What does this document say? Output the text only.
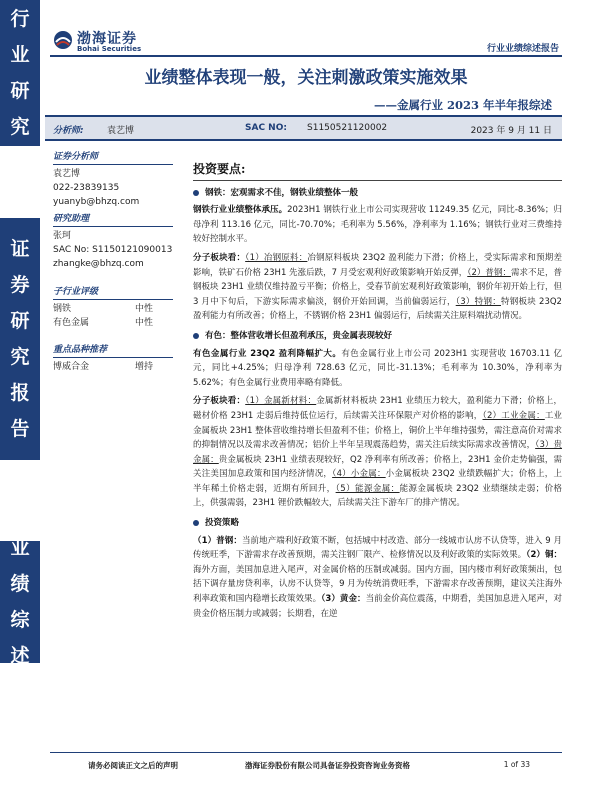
行
业
研
究
证
券
研
究
报
告
业
绩
综
述
渤海证券
Bohai Securities	行业业绩综述报告
业绩整体表现一般，关注刺激政策实施效果
——金属行业 2023 年半年报综述
分析师:	袁艺博	SAC NO: S1150521120002	2023 年 9 月 11 日
证券分析师
袁艺博
022-23839135
yuanyb@bhzq.com
研究助理
张珂
SAC No: S1150121090013
zhangke@bhzq.com
子行业评级
钢铁	中性
有色金属	中性
重点品种推荐
博威合金	增持
投资要点:
钢铁：宏观需求不佳，钢铁业绩整体一般

钢铁行业业绩整体承压。2023H1 钢铁行业上市公司实现营收 11249.35 亿元，同比-8.36%；归母净利 113.16 亿元，同比-70.70%；毛利率为 5.56%，净利率为 1.16%；钢铁行业对三费维持较好控制水平。

分子板块看：（1）冶钢原料：冶钢原料板块 23Q2 盈利能力下滑；价格上，受实际需求和预期差影响，铁矿石价格 23H1 先涨后跌，7 月受宏观利好政策影响开始反弹，（2）普钢：需求不足，普钢板块 23H1 业绩仅维持盈亏平衡；价格上，受春节前宏观利好政策影响，钢价年初开始上行，但 3 月中下旬后，下游实际需求偏淡，钢价开始回调，当前偏弱运行，（3）特钢：特钢板块 23Q2 盈利能力有所改善；价格上，不锈钢价格 23H1 偏弱运行，后续需关注原料端扰动情况。

有色：整体营收增长但盈利承压，贵金属表现较好

有色金属行业 23Q2 盈利降幅扩大。有色金属行业上市公司 2023H1 实现营收 16703.11 亿元，同比+4.25%；归母净利 728.63 亿元，同比-31.13%；毛利率为 10.30%，净利率为 5.62%；有色金属行业费用率略有降低。

分子板块看：（1）金属新材料：金属新材料板块 23H1 业绩压力较大，盈利能力下滑；价格上，磁材价格 23H1 走弱后维持低位运行，后续需关注环保限产对价格的影响，（2）工业金属：工业金属板块 23H1 整体营收维持增长但盈利不佳；价格上，铜价上半年维持强势，需注意高价对需求的抑制情况以及需求改善情况；铝价上半年呈现震荡趋势，需关注后续实际需求改善情况，（3）贵金属：贵金属板块 23H1 业绩表现较好，Q2 净利率有所改善；价格上，23H1 金价走势偏强，需关注美国加息政策和国内经济情况，（4）小金属：小金属板块 23Q2 业绩跌幅扩大；价格上，上半年稀土价格走弱，近期有所回升，（5）能源金属：能源金属板块 23Q2 业绩继续走弱；价格上，供强需弱，23H1 锂价跌幅较大，后续需关注下游车厂的排产情况。

投资策略

（1）普钢：当前地产端利好政策不断，包括城中村改造、部分一线城市认房不认贷等，进入 9 月传统旺季，下游需求存改善预期，需关注钢厂限产、检修情况以及利好政策的实际效果。（2）铜：海外方面，美国加息进入尾声，对金属价格的压制或减弱。国内方面，国内楼市利好政策频出，包括下调存量房贷利率，认房不认贷等，9 月为传统消费旺季，下游需求存改善预期，建议关注海外利率政策和国内稳增长政策效果。（3）黄金：当前金价高位震荡，中期看，美国加息进入尾声，对贵金价格压制力或减弱；长期看，在逆

请务必阅读正文之后的声明	渤海证券股份有限公司具备证券投资咨询业务资格	1 of 33
